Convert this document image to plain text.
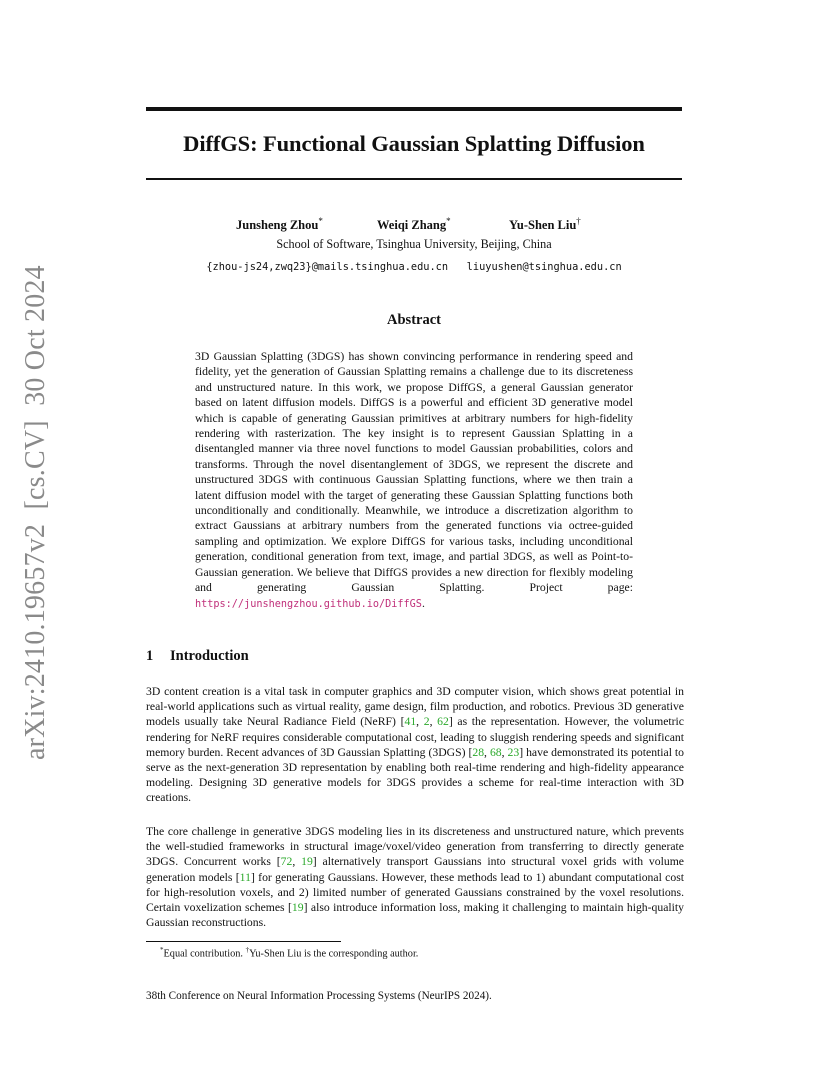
arXiv:2410.19657v2  [cs.CV]  30 Oct 2024
DiffGS: Functional Gaussian Splatting Diffusion
Junsheng Zhou*	Weiqi Zhang*	Yu-Shen Liu†
School of Software, Tsinghua University, Beijing, China
{zhou-js24,zwq23}@mails.tsinghua.edu.cn   liuyushen@tsinghua.edu.cn
Abstract
3D Gaussian Splatting (3DGS) has shown convincing performance in rendering speed and fidelity, yet the generation of Gaussian Splatting remains a challenge due to its discreteness and unstructured nature. In this work, we propose DiffGS, a general Gaussian generator based on latent diffusion models. DiffGS is a powerful and efficient 3D generative model which is capable of generating Gaussian primitives at arbitrary numbers for high-fidelity rendering with rasterization. The key insight is to represent Gaussian Splatting in a disentangled manner via three novel functions to model Gaussian probabilities, colors and transforms. Through the novel disentanglement of 3DGS, we represent the discrete and unstructured 3DGS with continuous Gaussian Splatting functions, where we then train a latent diffusion model with the target of generating these Gaussian Splatting functions both unconditionally and conditionally. Meanwhile, we introduce a discretization algorithm to extract Gaussians at arbitrary numbers from the generated functions via octree-guided sampling and optimization. We explore DiffGS for various tasks, including unconditional generation, conditional generation from text, image, and partial 3DGS, as well as Point-to-Gaussian generation. We believe that DiffGS provides a new direction for flexibly modeling and generating Gaussian Splatting. Project page: https://junshengzhou.github.io/DiffGS.
1 Introduction
3D content creation is a vital task in computer graphics and 3D computer vision, which shows great potential in real-world applications such as virtual reality, game design, film production, and robotics. Previous 3D generative models usually take Neural Radiance Field (NeRF) [41, 2, 62] as the representation. However, the volumetric rendering for NeRF requires considerable computational cost, leading to sluggish rendering speeds and significant memory burden. Recent advances of 3D Gaussian Splatting (3DGS) [28, 68, 23] have demonstrated its potential to serve as the next-generation 3D representation by enabling both real-time rendering and high-fidelity appearance modeling. Designing 3D generative models for 3DGS provides a scheme for real-time interaction with 3D creations.
The core challenge in generative 3DGS modeling lies in its discreteness and unstructured nature, which prevents the well-studied frameworks in structural image/voxel/video generation from transferring to directly generate 3DGS. Concurrent works [72, 19] alternatively transport Gaussians into structural voxel grids with volume generation models [11] for generating Gaussians. However, these methods lead to 1) abundant computational cost for high-resolution voxels, and 2) limited number of generated Gaussians constrained by the voxel resolutions. Certain voxelization schemes [19] also introduce information loss, making it challenging to maintain high-quality Gaussian reconstructions.
*Equal contribution. †Yu-Shen Liu is the corresponding author.
38th Conference on Neural Information Processing Systems (NeurIPS 2024).
